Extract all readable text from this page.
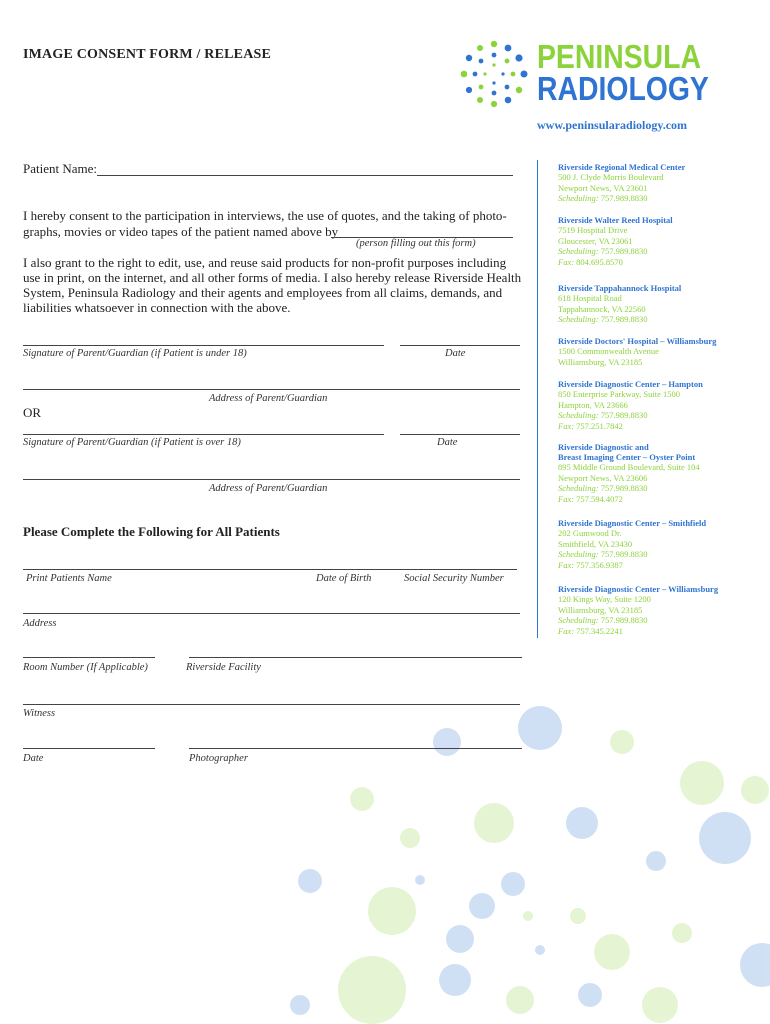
IMAGE CONSENT FORM / RELEASE	PENINSULA
RADIOLOGY
www.peninsularadiology.com
Patient Name:
I hereby consent to the participation in interviews, the use of quotes, and the taking of photo-
graphs, movies or video tapes of the patient named above by
(person filling out this form)
I also grant to the right to edit, use, and reuse said products for non-profit purposes including
use in print, on the internet, and all other forms of media. I also hereby release Riverside Health
System, Peninsula Radiology and their agents and employees from all claims, demands, and
liabilities whatsoever in connection with the above.
Signature of Parent/Guardian (if Patient is under 18)	Date
Address of Parent/Guardian
OR
Signature of Parent/Guardian (if Patient is over 18)	Date
Address of Parent/Guardian
Please Complete the Following for All Patients
Print Patients Name	Date of Birth	Social Security Number
Address
Room Number (If Applicable)	Riverside Facility
Witness
Date	Photographer
Riverside Regional Medical Center
500 J. Clyde Morris Boulevard
Newport News, VA 23601
Scheduling: 757.989.8830
Riverside Walter Reed Hospital
7519 Hospital Drive
Gloucester, VA 23061
Scheduling: 757.989.8830
Fax: 804.695.8570
Riverside Tappahannock Hospital
618 Hospital Road
Tappahannock, VA 22560
Scheduling: 757.989.8830
Riverside Doctors' Hospital – Williamsburg
1500 Commonwealth Avenue
Williamsburg, VA 23185
Riverside Diagnostic Center – Hampton
850 Enterprise Parkway, Suite 1500
Hampton, VA 23666
Scheduling: 757.989.8830
Fax: 757.251.7842
Riverside Diagnostic and
Breast Imaging Center – Oyster Point
895 Middle Ground Boulevard, Suite 104
Newport News, VA 23606
Scheduling: 757.989.8830
Fax: 757.594.4072
Riverside Diagnostic Center – Smithfield
202 Gumwood Dr.
Smithfield, VA 23430
Scheduling: 757.989.8830
Fax: 757.356.9387
Riverside Diagnostic Center – Williamsburg
120 Kings Way, Suite 1200
Williamsburg, VA 23185
Scheduling: 757.989.8830
Fax: 757.345.2241
